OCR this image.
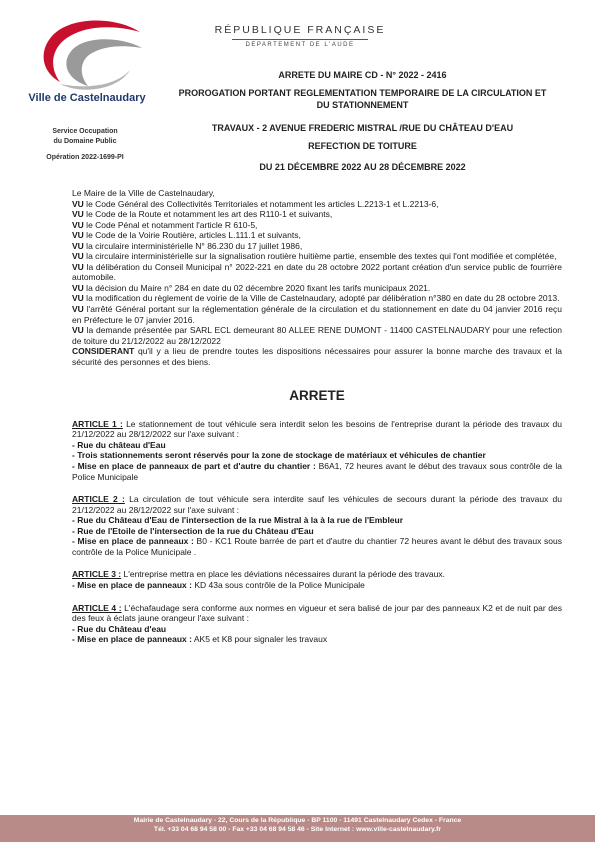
Ville de Castelnaudary
RÉPUBLIQUE FRANÇAISE
DEPARTEMENT DE L'AUDE
Service Occupation
du Domaine Public
Opération 2022-1699-PI
ARRETE DU MAIRE CD - N° 2022 - 2416
PROROGATION PORTANT REGLEMENTATION TEMPORAIRE DE LA CIRCULATION ET
DU STATIONNEMENT
TRAVAUX - 2 AVENUE FREDERIC MISTRAL /RUE DU CHÂTEAU D'EAU
REFECTION DE TOITURE
DU 21 DÉCEMBRE 2022 AU 28 DÉCEMBRE 2022

Le Maire de la Ville de Castelnaudary,

VU le Code Général des Collectivités Territoriales et notamment les articles L.2213-1 et L.2213-6,

VU le Code de la Route et notamment les art des R110-1 et suivants,

VU le Code Pénal et notamment l'article R 610-5,

VU le Code de la Voirie Routière, articles L.111.1 et suivants,

VU la circulaire interministérielle N° 86.230 du 17 juillet 1986,

VU la circulaire interministérielle sur la signalisation routière huitième partie, ensemble des textes qui l'ont modifiée et complétée,

VU la délibération du Conseil Municipal n° 2022-221 en date du 28 octobre 2022 portant création d'un service public de fourrière automobile.

VU la décision du Maire n° 284 en date du 02 décembre 2020 fixant les tarifs municipaux 2021.

VU la modification du règlement de voirie de la Ville de Castelnaudary, adopté par délibération n°380 en date du 28 octobre 2013.

VU l'arrêté Général portant sur la réglementation générale de la circulation et du stationnement en date du 04 janvier 2016 reçu en Préfecture le 07 janvier 2016.

VU la demande présentée par SARL ECL demeurant 80 ALLEE RENE DUMONT - 11400 CASTELNAUDARY pour une refection de toiture du 21/12/2022 au 28/12/2022

CONSIDERANT qu'il y a lieu de prendre toutes les dispositions nécessaires pour assurer la bonne marche des travaux et la sécurité des personnes et des biens.

ARRETE

ARTICLE 1 : Le stationnement de tout véhicule sera interdit selon les besoins de l'entreprise durant la période des travaux du 21/12/2022 au 28/12/2022 sur l'axe suivant :

- Rue du château d'Eau

- Trois stationnements seront réservés pour la zone de stockage de matériaux et véhicules de chantier

- Mise en place de panneaux de part et d'autre du chantier : B6A1, 72 heures avant le début des travaux sous contrôle de la Police Municipale

ARTICLE 2 : La circulation de tout véhicule sera interdite sauf les véhicules de secours durant la période des travaux du 21/12/2022 au 28/12/2022 sur l'axe suivant :

- Rue du Château d'Eau de l'intersection de la rue Mistral à la à la rue de l'Embleur

- Rue de l'Etoile de l'intersection de la rue du Château d'Eau

- Mise en place de panneaux : B0 - KC1 Route barrée de part et d'autre du chantier 72 heures avant le début des travaux sous contrôle de la Police Municipale .

ARTICLE 3 : L'entreprise mettra en place les déviations nécessaires durant la période des travaux.

- Mise en place de panneaux : KD 43a sous contrôle de la Police Municipale

ARTICLE 4 : L'échafaudage sera conforme aux normes en vigueur et sera balisé de jour par des panneaux K2 et de nuit par des des feux à éclats jaune orangeur l'axe suivant :

- Rue du Château d'eau

- Mise en place de panneaux : AK5 et K8 pour signaler les travaux

Mairie de Castelnaudary - 22, Cours de la République - BP 1100 - 11491 Castelnaudary Cedex - France
Tél. +33 04 68 94 58 00 - Fax +33 04 68 94 58 46 - Site Internet : www.ville-castelnaudary.fr
